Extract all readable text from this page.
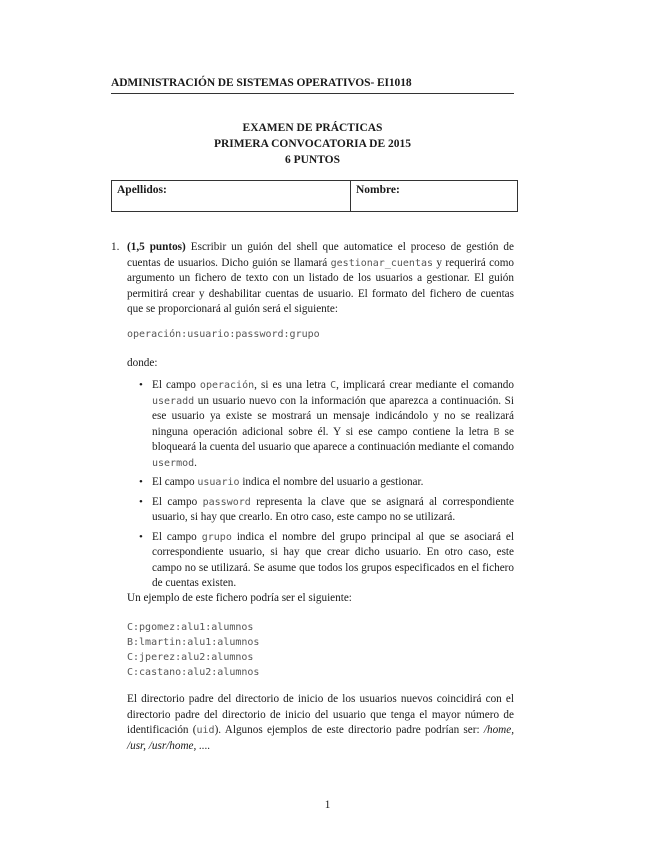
ADMINISTRACIÓN DE SISTEMAS OPERATIVOS- EI1018
EXAMEN DE PRÁCTICAS
PRIMERA CONVOCATORIA DE 2015
6 PUNTOS
Apellidos:	Nombre:
1. (1,5 puntos) Escribir un guión del shell que automatice el proceso de gestión de cuentas de usuarios. Dicho guión se llamará gestionar_cuentas y requerirá como argumento un fichero de texto con un listado de los usuarios a gestionar. El guión permitirá crear y deshabilitar cuentas de usuario. El formato del fichero de cuentas que se proporcionará al guión será el siguiente:
operación:usuario:password:grupo
donde:
• El campo operación, si es una letra C, implicará crear mediante el comando useradd un usuario nuevo con la información que aparezca a continuación. Si ese usuario ya existe se mostrará un mensaje indicándolo y no se realizará ninguna operación adicional sobre él. Y si ese campo contiene la letra B se bloqueará la cuenta del usuario que aparece a continuación mediante el comando usermod.
• El campo usuario indica el nombre del usuario a gestionar.
• El campo password representa la clave que se asignará al correspondiente usuario, si hay que crearlo. En otro caso, este campo no se utilizará.
• El campo grupo indica el nombre del grupo principal al que se asociará el correspondiente usuario, si hay que crear dicho usuario. En otro caso, este campo no se utilizará. Se asume que todos los grupos especificados en el fichero de cuentas existen.
Un ejemplo de este fichero podría ser el siguiente:
C:pgomez:alu1:alumnos
B:lmartin:alu1:alumnos
C:jperez:alu2:alumnos
C:castano:alu2:alumnos
El directorio padre del directorio de inicio de los usuarios nuevos coincidirá con el directorio padre del directorio de inicio del usuario que tenga el mayor número de identificación (uid). Algunos ejemplos de este directorio padre podrían ser: /home, /usr, /usr/home, ....
1
